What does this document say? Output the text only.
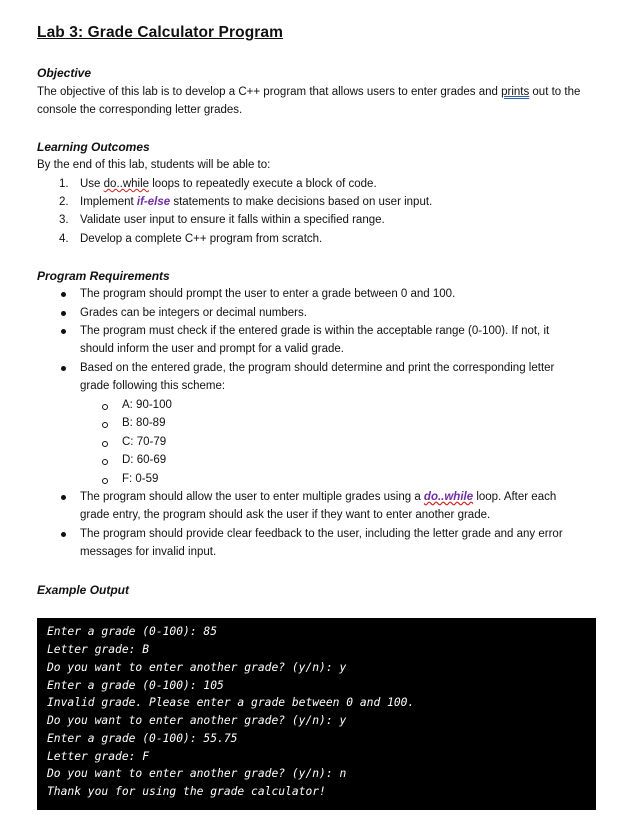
Lab 3: Grade Calculator Program
Objective
The objective of this lab is to develop a C++ program that allows users to enter grades and prints out to the console the corresponding letter grades.
Learning Outcomes
By the end of this lab, students will be able to:
1. Use do..while loops to repeatedly execute a block of code.
2. Implement if-else statements to make decisions based on user input.
3. Validate user input to ensure it falls within a specified range.
4. Develop a complete C++ program from scratch.
Program Requirements
The program should prompt the user to enter a grade between 0 and 100.
Grades can be integers or decimal numbers.
The program must check if the entered grade is within the acceptable range (0-100). If not, it
should inform the user and prompt for a valid grade.
Based on the entered grade, the program should determine and print the corresponding letter
grade following this scheme:
A: 90-100
B: 80-89
C: 70-79
D: 60-69
F: 0-59
The program should allow the user to enter multiple grades using a do..while loop. After each
grade entry, the program should ask the user if they want to enter another grade.
The program should provide clear feedback to the user, including the letter grade and any error
messages for invalid input.
Example Output
Enter a grade (0-100): 85
Letter grade: B
Do you want to enter another grade? (y/n): y
Enter a grade (0-100): 105
Invalid grade. Please enter a grade between 0 and 100.
Do you want to enter another grade? (y/n): y
Enter a grade (0-100): 55.75
Letter grade: F
Do you want to enter another grade? (y/n): n
Thank you for using the grade calculator!
